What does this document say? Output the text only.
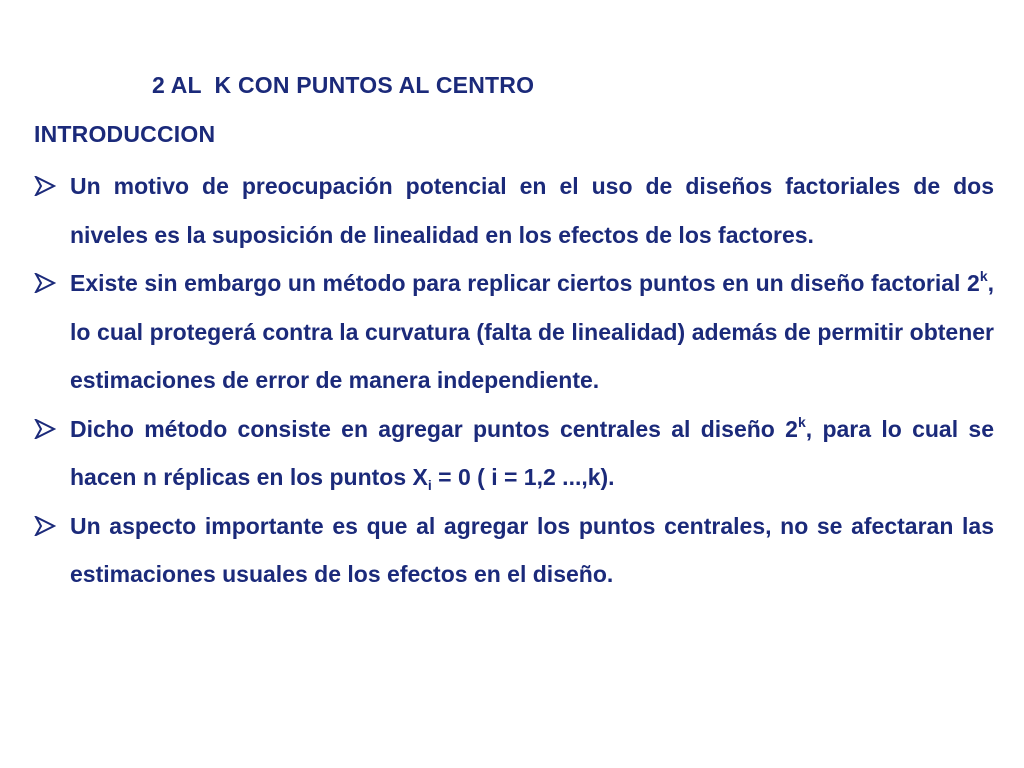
2 AL  K CON PUNTOS AL CENTRO
INTRODUCCION
Un motivo de preocupación potencial en el uso de diseños factoriales de dos niveles es la suposición de linealidad en los efectos de los factores.
Existe sin embargo un método para replicar ciertos puntos en un diseño factorial 2$^k$, lo cual protegerá contra la curvatura (falta de linealidad) además de permitir obtener estimaciones de error de manera independiente.
Dicho método consiste en agregar puntos centrales al diseño 2$^k$, para lo cual se hacen n réplicas en los puntos $X_i = 0$ ( i = 1,2 ...,k).
Un aspecto importante es que al agregar los puntos centrales, no se afectaran las estimaciones usuales de los efectos en el diseño.
